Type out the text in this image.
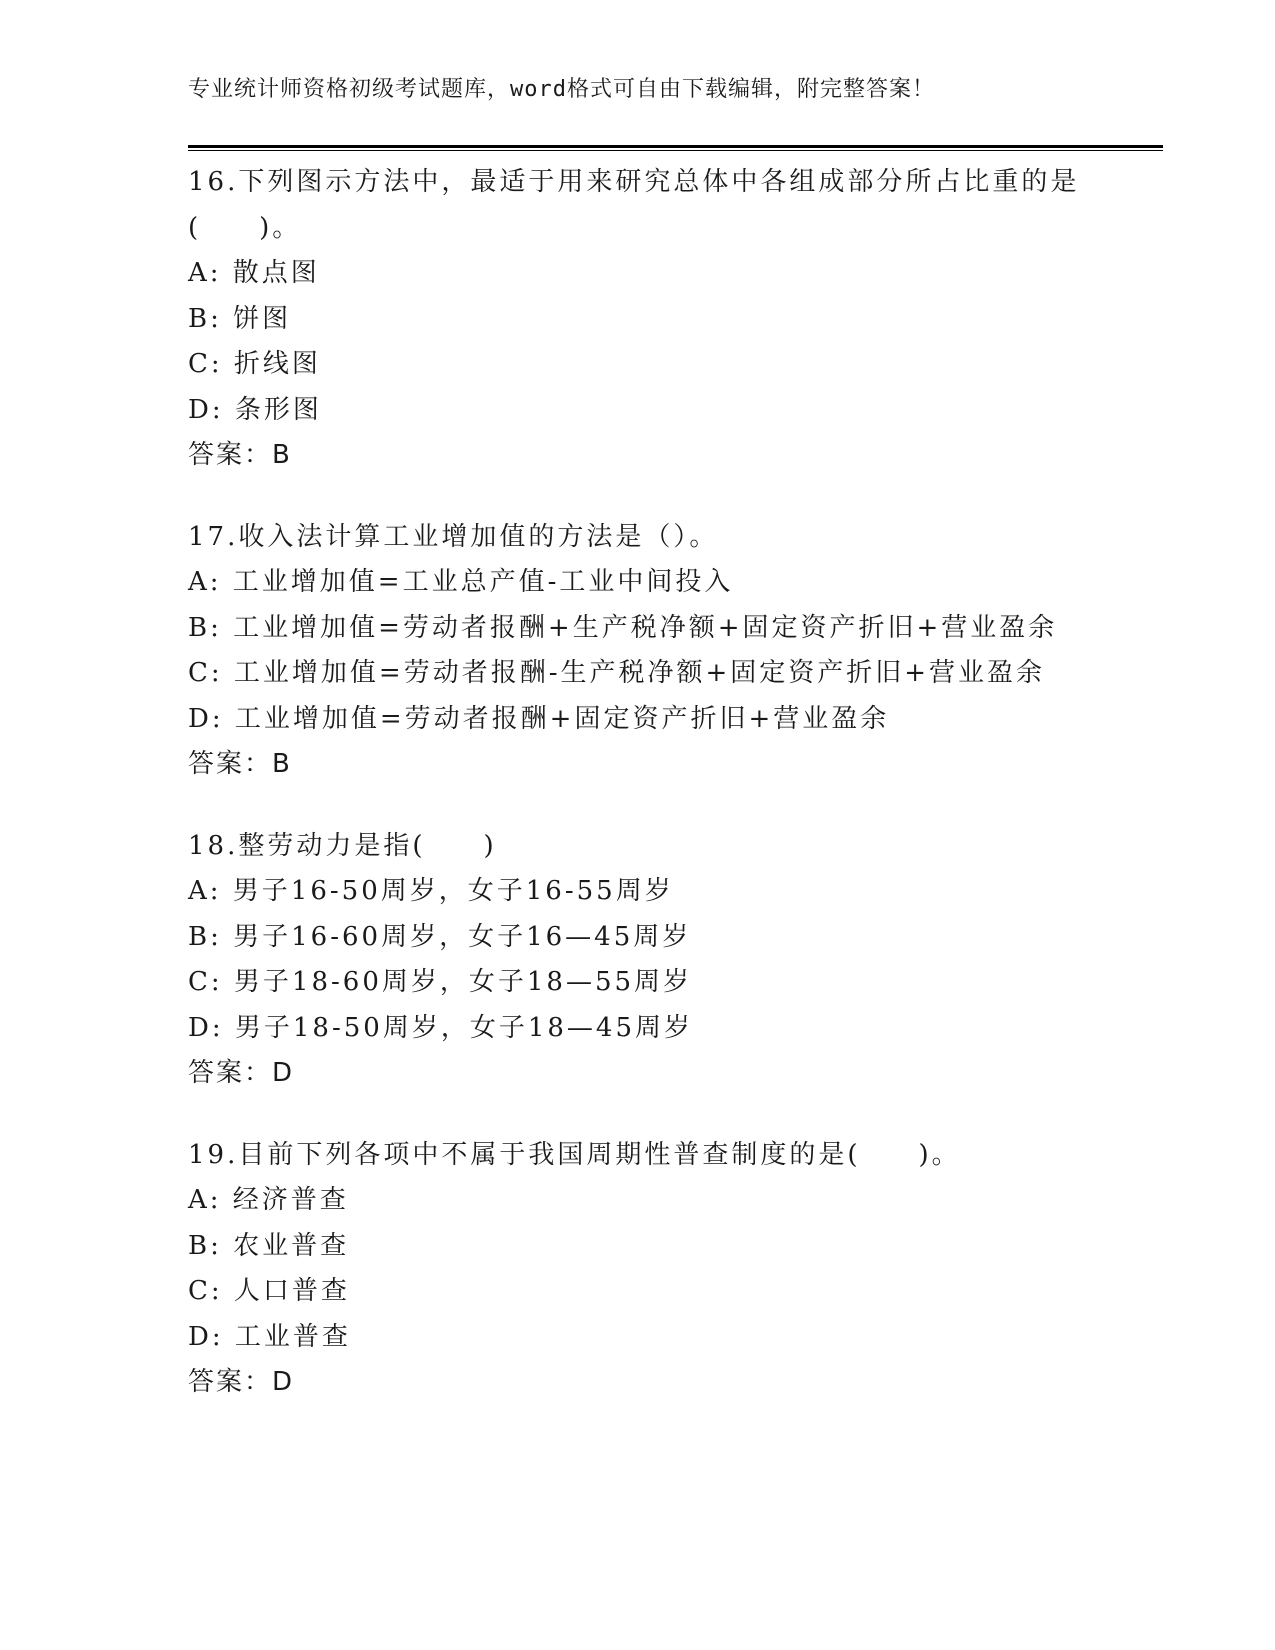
专业统计师资格初级考试题库，word格式可自由下载编辑，附完整答案！
16.下列图示方法中，最适于用来研究总体中各组成部分所占比重的是
(　　)。
A: 散点图
B: 饼图
C: 折线图
D: 条形图
答案：B
17.收入法计算工业增加值的方法是（）。
A: 工业增加值=工业总产值-工业中间投入
B: 工业增加值=劳动者报酬+生产税净额+固定资产折旧+营业盈余
C: 工业增加值=劳动者报酬-生产税净额+固定资产折旧+营业盈余
D: 工业增加值=劳动者报酬+固定资产折旧+营业盈余
答案：B
18.整劳动力是指(　　)
A: 男子16-50周岁，女子16-55周岁
B: 男子16-60周岁，女子16—45周岁
C: 男子18-60周岁，女子18—55周岁
D: 男子18-50周岁，女子18—45周岁
答案：D
19.目前下列各项中不属于我国周期性普查制度的是(　　)。
A: 经济普查
B: 农业普查
C: 人口普查
D: 工业普查
答案：D
